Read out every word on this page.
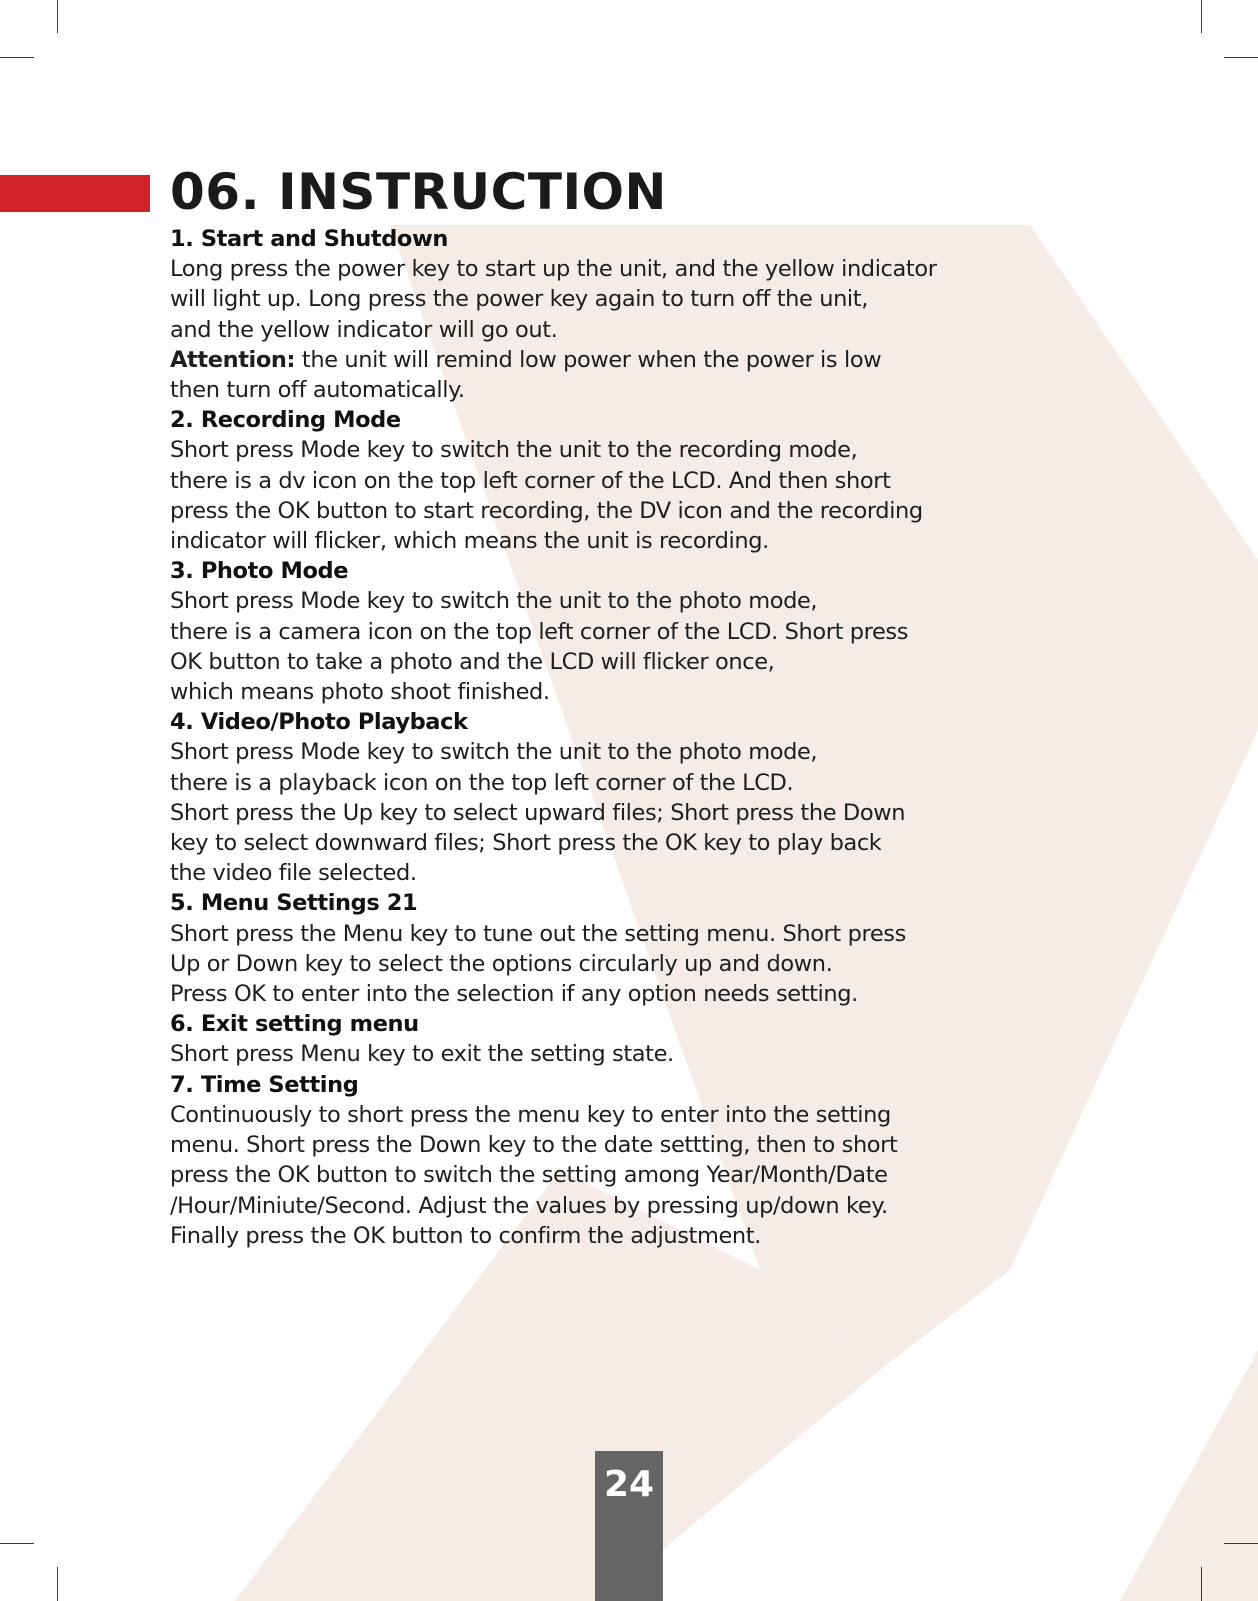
06. INSTRUCTION
1. Start and Shutdown
Long press the power key to start up the unit, and the yellow indicator
will light up. Long press the power key again to turn off the unit,
and the yellow indicator will go out.
Attention: the unit will remind low power when the power is low
then turn off automatically.
2. Recording Mode
Short press Mode key to switch the unit to the recording mode,
there is a dv icon on the top left corner of the LCD. And then short
press the OK button to start recording, the DV icon and the recording
indicator will flicker, which means the unit is recording.
3. Photo Mode
Short press Mode key to switch the unit to the photo mode,
there is a camera icon on the top left corner of the LCD. Short press
OK button to take a photo and the LCD will flicker once,
which means photo shoot finished.
4. Video/Photo Playback
Short press Mode key to switch the unit to the photo mode,
there is a playback icon on the top left corner of the LCD.
Short press the Up key to select upward files; Short press the Down
key to select downward files; Short press the OK key to play back
the video file selected.
5. Menu Settings 21
Short press the Menu key to tune out the setting menu. Short press
Up or Down key to select the options circularly up and down.
Press OK to enter into the selection if any option needs setting.
6. Exit setting menu
Short press Menu key to exit the setting state.
7. Time Setting
Continuously to short press the menu key to enter into the setting
menu. Short press the Down key to the date settting, then to short
press the OK button to switch the setting among Year/Month/Date
/Hour/Miniute/Second. Adjust the values by pressing up/down key.
Finally press the OK button to confirm the adjustment.
24
